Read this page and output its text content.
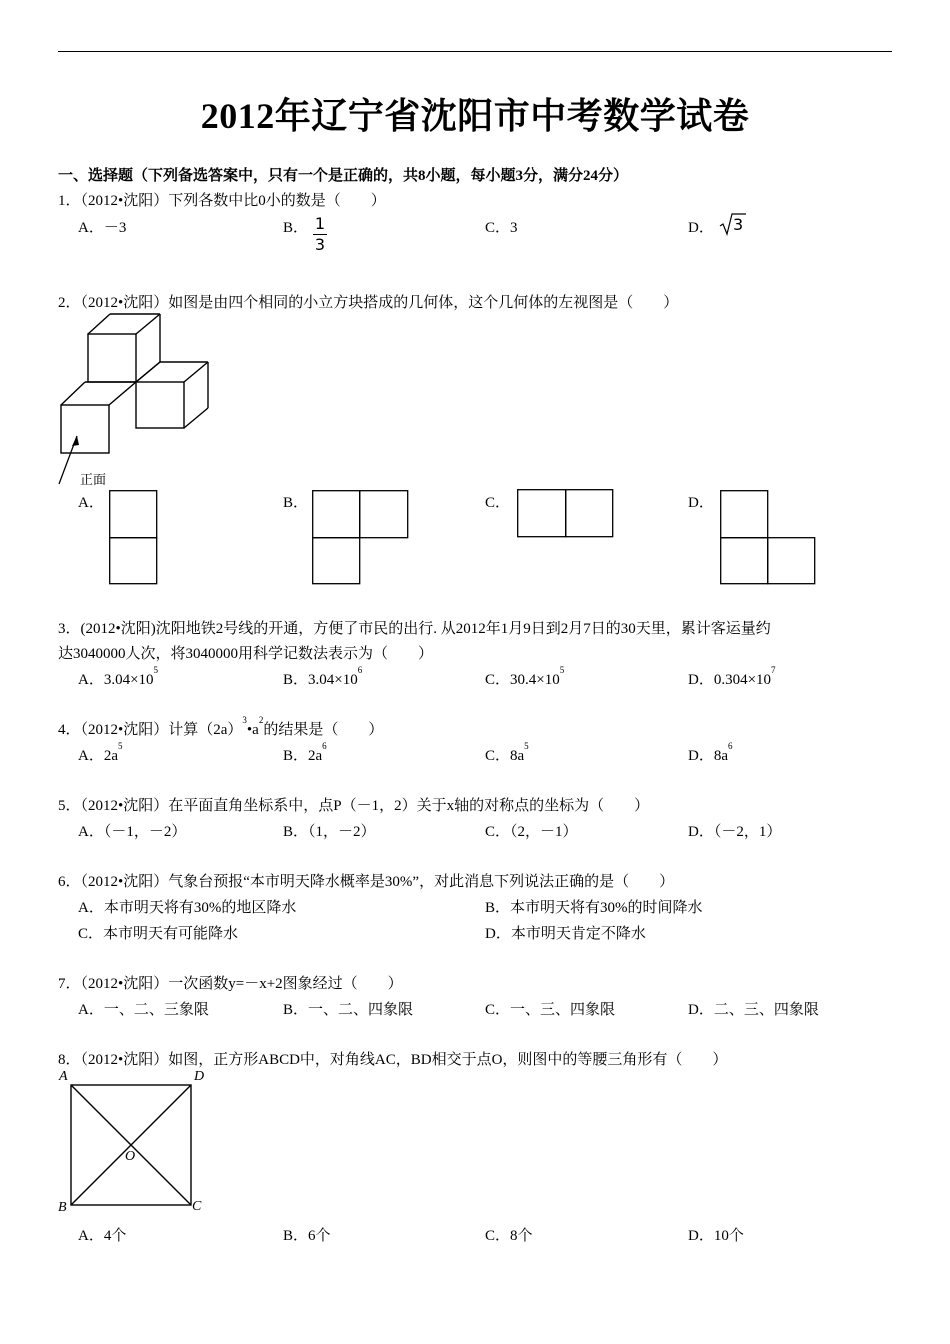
2012年辽宁省沈阳市中考数学试卷
一、选择题（下列备选答案中，只有一个是正确的，共8小题，每小题3分，满分24分）
1．（2012•沈阳）下列各数中比0小的数是（　　）
A．－3	B． 1
3
C．3	D． 3
2．（2012•沈阳）如图是由四个相同的小立方块搭成的几何体，这个几何体的左视图是（　　）
正面
A．	B．	C．	D．
3．(2012•沈阳)沈阳地铁2号线的开通，方便了市民的出行. 从2012年1月9日到2月7日的30天里，累计客运量约
达3040000人次，将3040000用科学记数法表示为（　　）
A．$3.04\times 10^5$
B．$3.04\times 10^6$
C．$30.4\times 10^5$
D．$0.304\times 10^7$
4．（2012•沈阳）计算$(2a)^3•a^2$的结果是（　　）
A．$2a^5$
B．$2a^6$
C．$8a^5$
D．$8a^6$
5．（2012•沈阳）在平面直角坐标系中，点P（－1，2）关于x轴的对称点的坐标为（　　）
A．（－1，－2）	B．（1，－2）	C．（2，－1）	D．（－2，1）
6．（2012•沈阳）气象台预报“本市明天降水概率是30%”，对此消息下列说法正确的是（　　）
A．本市明天将有30%的地区降水	B．本市明天将有30%的时间降水
C．本市明天有可能降水	D．本市明天肯定不降水
7．（2012•沈阳）一次函数y=－x+2图象经过（　　）
A．一、二、三象限	B．一、二、四象限	C．一、三、四象限	D．二、三、四象限
8．（2012•沈阳）如图，正方形ABCD中，对角线AC，BD相交于点O，则图中的等腰三角形有（　　）
A	D
B	C
O
A．4个	B．6个	C．8个	D．10个
